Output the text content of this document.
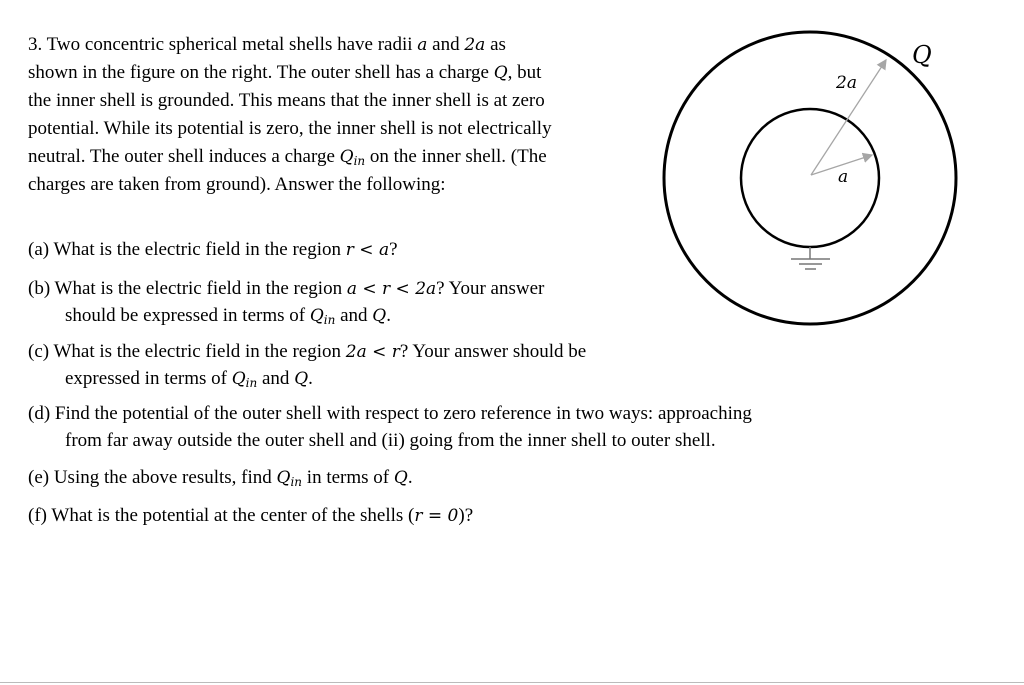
3. Two concentric spherical metal shells have radii a and 2a as
shown in the figure on the right. The outer shell has a charge Q, but
the inner shell is grounded. This means that the inner shell is at zero
potential. While its potential is zero, the inner shell is not electrically
neutral. The outer shell induces a charge $Q_{in}$ on the inner shell. (The
charges are taken from ground). Answer the following:
(a) What is the electric field in the region r < a?
(b) What is the electric field in the region a < r < 2a? Your answer
should be expressed in terms of $Q_{in}$ and Q.
(c) What is the electric field in the region 2a < r? Your answer should be
expressed in terms of $Q_{in}$ and Q.
(d) Find the potential of the outer shell with respect to zero reference in two ways: approaching
from far away outside the outer shell and (ii) going from the inner shell to outer shell.
(e) Using the above results, find $Q_{in}$ in terms of Q.
(f) What is the potential at the center of the shells (r = 0)?
2a
a
Q
